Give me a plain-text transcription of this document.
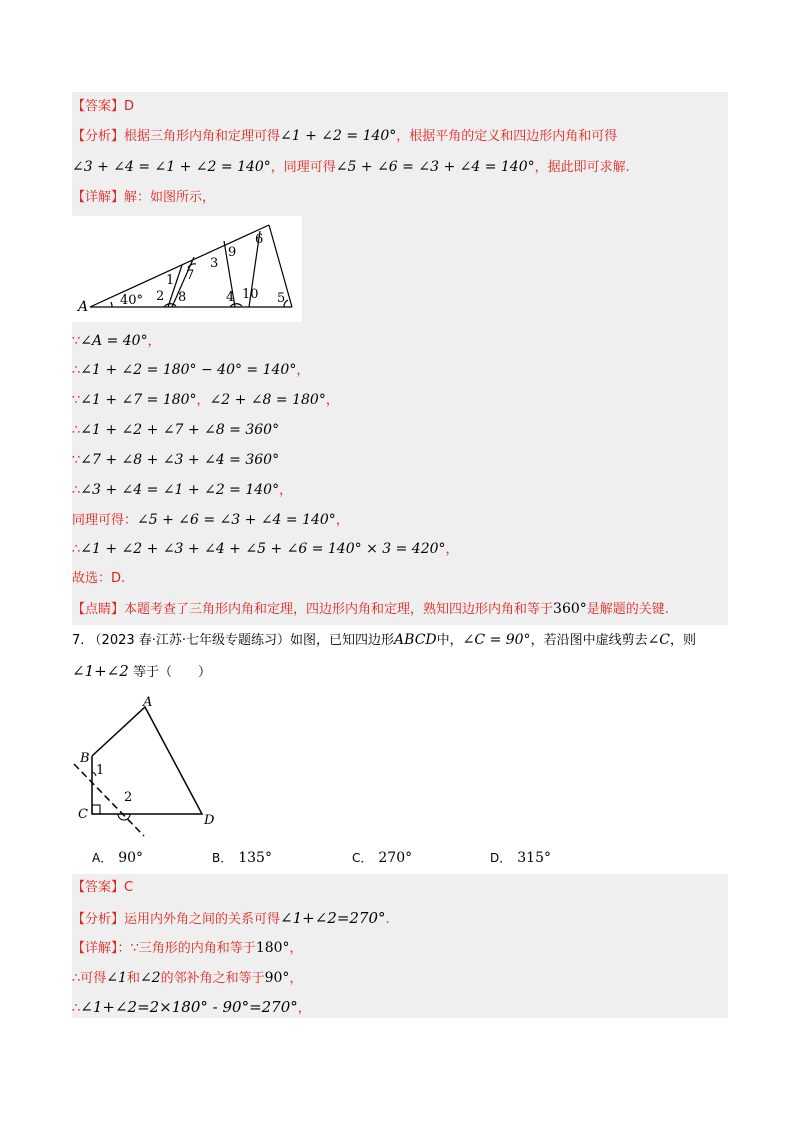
【答案】D
【分析】根据三角形内角和定理可得∠1 + ∠2 = 140°，根据平角的定义和四边形内角和可得
∠3 + ∠4 = ∠1 + ∠2 = 140°，同理可得∠5 + ∠6 = ∠3 + ∠4 = 140°，据此即可求解.
【详解】解：如图所示，
A 40°
1
2
7
8
3
9
4 10 5
6
∵∠A = 40°，
∴∠1 + ∠2 = 180° − 40° = 140°，
∵∠1 + ∠7 = 180°，∠2 + ∠8 = 180°，
∴∠1 + ∠2 + ∠7 + ∠8 = 360°
∵∠7 + ∠8 + ∠3 + ∠4 = 360°
∴∠3 + ∠4 = ∠1 + ∠2 = 140°，
同理可得：∠5 + ∠6 = ∠3 + ∠4 = 140°，
∴∠1 + ∠2 + ∠3 + ∠4 + ∠5 + ∠6 = 140° × 3 = 420°，
故选：D.
【点睛】本题考查了三角形内角和定理，四边形内角和定理，熟知四边形内角和等于360°是解题的关键.
7. （2023 春·江苏·七年级专题练习）如图，已知四边形ABCD中，∠C = 90°，若沿图中虚线剪去∠C，则
∠1+∠2 等于（　　）
A
B
C	D
1
2
A． 90°	B． 135°	C． 270°	D． 315°
【答案】C
【分析】运用内外角之间的关系可得∠1+∠2=270°.
【详解】：∵三角形的内角和等于180°，
∴可得∠1和∠2的邻补角之和等于90°，
∴∠1+∠2=2×180° - 90°=270°，
